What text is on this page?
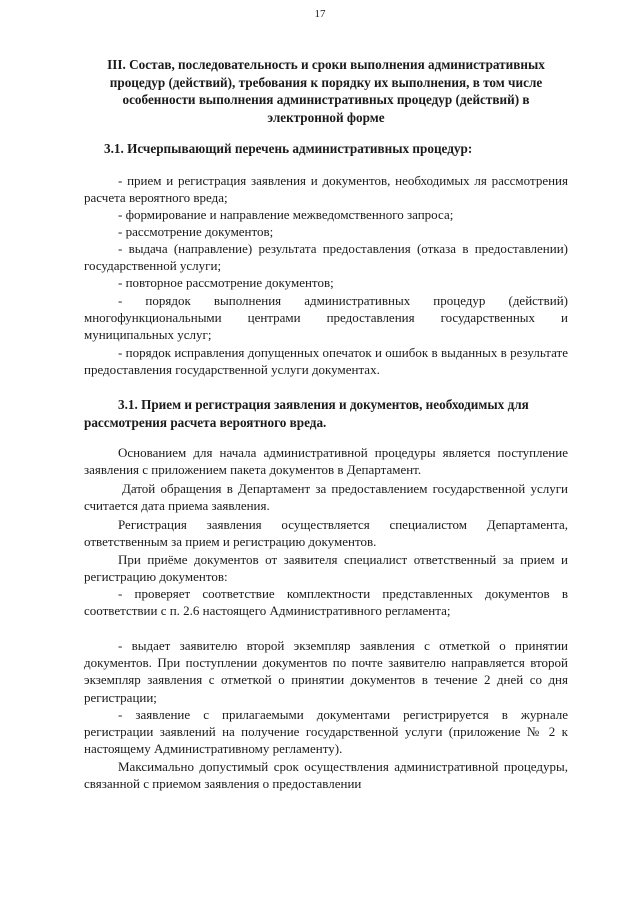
17
III. Состав, последовательность и сроки выполнения административных процедур (действий), требования к порядку их выполнения, в том числе особенности выполнения административных процедур (действий) в электронной форме
3.1. Исчерпывающий перечень административных процедур:
- прием и регистрация заявления и документов, необходимых ля рассмотрения расчета вероятного вреда;
- формирование и направление межведомственного запроса;
- рассмотрение документов;
- выдача (направление) результата предоставления (отказа в предоставлении) государственной услуги;
- повторное рассмотрение документов;
- порядок выполнения административных процедур (действий) многофункциональными центрами предоставления государственных и муниципальных услуг;
- порядок исправления допущенных опечаток и ошибок в выданных в результате предоставления государственной услуги документах.
3.1. Прием и регистрация заявления и документов, необходимых для рассмотрения расчета вероятного вреда.
Основанием для начала административной процедуры является поступление заявления с приложением пакета документов в Департамент.
Датой обращения в Департамент за предоставлением государственной услуги считается дата приема заявления.
Регистрация заявления осуществляется специалистом Департамента, ответственным за прием и регистрацию документов.
При приёме документов от заявителя специалист ответственный за прием и регистрацию документов:
- проверяет соответствие комплектности представленных документов в соответствии с п. 2.6 настоящего Административного регламента;
- выдает заявителю второй экземпляр заявления с отметкой о принятии документов. При поступлении документов по почте заявителю направляется второй экземпляр заявления с отметкой о принятии документов в течение 2 дней со дня регистрации;
- заявление с прилагаемыми документами регистрируется в журнале регистрации заявлений на получение государственной услуги (приложение № 2 к настоящему Административному регламенту).
Максимально допустимый срок осуществления административной процедуры, связанной с приемом заявления о предоставлении
